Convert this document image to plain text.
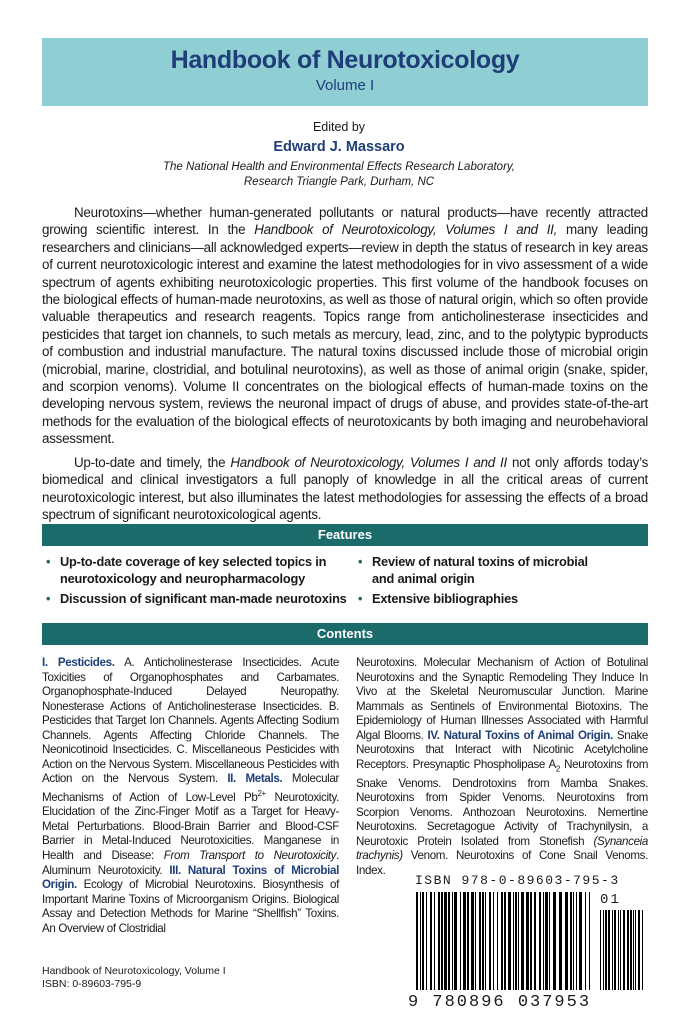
Handbook of Neurotoxicology
Volume I
Edited by
Edward J. Massaro
The National Health and Environmental Effects Research Laboratory,
Research Triangle Park, Durham, NC

Neurotoxins—whether human-generated pollutants or natural products—have recently attracted growing scientific interest. In the Handbook of Neurotoxicology, Volumes I and II, many leading researchers and clinicians—all acknowledged experts—review in depth the status of research in key areas of current neurotoxicologic interest and examine the latest methodologies for in vivo assessment of a wide spectrum of agents exhibiting neurotoxicologic properties. This first volume of the handbook focuses on the biological effects of human-made neurotoxins, as well as those of natural origin, which so often provide valuable therapeutics and research reagents. Topics range from anticholinesterase insecticides and pesticides that target ion channels, to such metals as mercury, lead, zinc, and to the polytypic byproducts of combustion and industrial manufacture. The natural toxins discussed include those of microbial origin (microbial, marine, clostridial, and botulinal neurotoxins), as well as those of animal origin (snake, spider, and scorpion venoms). Volume II concentrates on the biological effects of human-made toxins on the developing nervous system, reviews the neuronal impact of drugs of abuse, and provides state-of-the-art methods for the evaluation of the biological effects of neurotoxicants by both imaging and neurobehavioral assessment.

Up-to-date and timely, the Handbook of Neurotoxicology, Volumes I and II not only affords today’s biomedical and clinical investigators a full panoply of knowledge in all the critical areas of current neurotoxicologic interest, but also illuminates the latest methodologies for assessing the effects of a broad spectrum of significant neurotoxicological agents.

Features
• Up-to-date coverage of key selected topics in neurotoxicology and neuropharmacology
• Discussion of significant man-made neurotoxins
• Review of natural toxins of microbial and animal origin
• Extensive bibliographies
Contents
I. Pesticides. A. Anticholinesterase Insecticides. Acute Toxicities of Organophosphates and Carbamates. Organophosphate-Induced Delayed Neuropathy. Nonesterase Actions of Anticholinesterase Insecticides. B. Pesticides that Target Ion Channels. Agents Affecting Sodium Channels. Agents Affecting Chloride Channels. The Neonicotinoid Insecticides. C. Miscellaneous Pesticides with Action on the Nervous System. Miscellaneous Pesticides with Action on the Nervous System. II. Metals. Molecular Mechanisms of Action of Low-Level $Pb^{2+}$ Neurotoxicity. Elucidation of the Zinc-Finger Motif as a Target for Heavy-Metal Perturbations. Blood-Brain Barrier and Blood-CSF Barrier in Metal-Induced Neurotoxicities. Manganese in Health and Disease: From Transport to Neurotoxicity. Aluminum Neurotoxicity. III. Natural Toxins of Microbial Origin. Ecology of Microbial Neurotoxins. Biosynthesis of Important Marine Toxins of Microorganism Origins. Biological Assay and Detection Methods for Marine “Shellfish” Toxins. An Overview of Clostridial
Neurotoxins. Molecular Mechanism of Action of Botulinal Neurotoxins and the Synaptic Remodeling They Induce In Vivo at the Skeletal Neuromuscular Junction. Marine Mammals as Sentinels of Environmental Biotoxins. The Epidemiology of Human Illnesses Associated with Harmful Algal Blooms. IV. Natural Toxins of Animal Origin. Snake Neurotoxins that Interact with Nicotinic Acetylcholine Receptors. Presynaptic Phospholipase $A_2$ Neurotoxins from Snake Venoms. Dendrotoxins from Mamba Snakes. Neurotoxins from Spider Venoms. Neurotoxins from Scorpion Venoms. Anthozoan Neurotoxins. Nemertine Neurotoxins. Secretagogue Activity of Trachynilysin, a Neurotoxic Protein Isolated from Stonefish (Synanceia trachynis) Venom. Neurotoxins of Cone Snail Venoms. Index.
ISBN 978-0-89603-795-3
01
9 780896 037953
Handbook of Neurotoxicology, Volume I
ISBN: 0-89603-795-9
